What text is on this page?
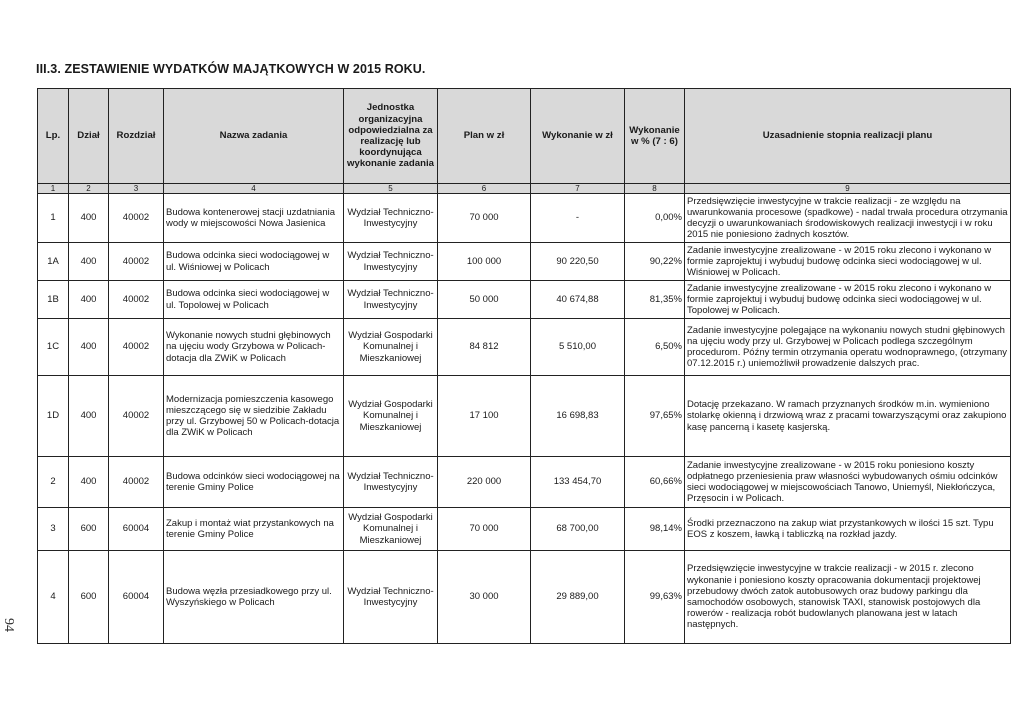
III.3. ZESTAWIENIE WYDATKÓW MAJĄTKOWYCH W 2015 ROKU.
94
Lp.	Dział	Rozdział	Nazwa zadania	Jednostka organizacyjna odpowiedzialna za realizację lub koordynująca wykonanie zadania	Plan w zł	Wykonanie w zł	Wykonanie w % (7 : 6)	Uzasadnienie stopnia realizacji planu
1	2	3	4	5	6	7	8	9
1	400	40002	Budowa kontenerowej stacji uzdatniania wody w miejscowości Nowa Jasienica	Wydział Techniczno-Inwestycyjny	70 000	-	0,00%	Przedsięwzięcie inwestycyjne w trakcie realizacji - ze względu na uwarunkowania procesowe (spadkowe) - nadal trwała procedura otrzymania decyzji o uwarunkowaniach środowiskowych realizacji inwestycji i w roku 2015 nie poniesiono żadnych kosztów.
1A	400	40002	Budowa odcinka sieci wodociągowej w ul. Wiśniowej w Policach	Wydział Techniczno-Inwestycyjny	100 000	90 220,50	90,22%	Zadanie inwestycyjne zrealizowane - w 2015 roku zlecono i wykonano w formie zaprojektuj i wybuduj budowę odcinka sieci wodociągowej w ul. Wiśniowej w Policach.
1B	400	40002	Budowa odcinka sieci wodociągowej w ul. Topolowej w Policach	Wydział Techniczno-Inwestycyjny	50 000	40 674,88	81,35%	Zadanie inwestycyjne zrealizowane - w 2015 roku zlecono i wykonano w formie zaprojektuj i wybuduj budowę odcinka sieci wodociągowej w ul. Topolowej w Policach.
1C	400	40002	Wykonanie nowych studni głębinowych na ujęciu wody Grzybowa w Policach-dotacja dla ZWiK w Policach	Wydział Gospodarki Komunalnej i Mieszkaniowej	84 812	5 510,00	6,50%	Zadanie inwestycyjne polegające na wykonaniu nowych studni głębinowych na ujęciu wody przy ul. Grzybowej w Policach podlega szczególnym procedurom. Późny termin otrzymania operatu wodnoprawnego, (otrzymany 07.12.2015 r.) uniemożliwił prowadzenie dalszych prac.
1D	400	40002	Modernizacja pomieszczenia kasowego mieszczącego się w siedzibie Zakładu przy ul. Grzybowej 50 w Policach-dotacja dla ZWiK w Policach	Wydział Gospodarki Komunalnej i Mieszkaniowej	17 100	16 698,83	97,65%	Dotację przekazano. W ramach przyznanych środków m.in. wymieniono stolarkę okienną i drzwiową wraz z pracami towarzyszącymi oraz zakupiono kasę pancerną i kasetę kasjerską.
2	400	40002	Budowa odcinków sieci wodociągowej na terenie Gminy Police	Wydział Techniczno-Inwestycyjny	220 000	133 454,70	60,66%	Zadanie inwestycyjne zrealizowane - w 2015 roku poniesiono koszty odpłatnego przeniesienia praw własności wybudowanych ośmiu odcinków sieci wodociągowej w miejscowościach Tanowo, Uniemyśl, Niekłończyca, Przęsocin i w Policach.
3	600	60004	Zakup i montaż wiat przystankowych na terenie Gminy Police	Wydział Gospodarki Komunalnej i Mieszkaniowej	70 000	68 700,00	98,14%	Środki przeznaczono na zakup wiat przystankowych w ilości 15 szt. Typu EOS z koszem, ławką i tabliczką na rozkład jazdy.
4	600	60004	Budowa węzła przesiadkowego przy ul. Wyszyńskiego w Policach	Wydział Techniczno-Inwestycyjny	30 000	29 889,00	99,63%	Przedsięwzięcie inwestycyjne w trakcie realizacji - w 2015 r. zlecono wykonanie i poniesiono koszty opracowania dokumentacji projektowej przebudowy dwóch zatok autobusowych oraz budowy parkingu dla samochodów osobowych, stanowisk TAXI, stanowisk postojowych dla rowerów - realizacja robót budowlanych planowana jest w latach następnych.
